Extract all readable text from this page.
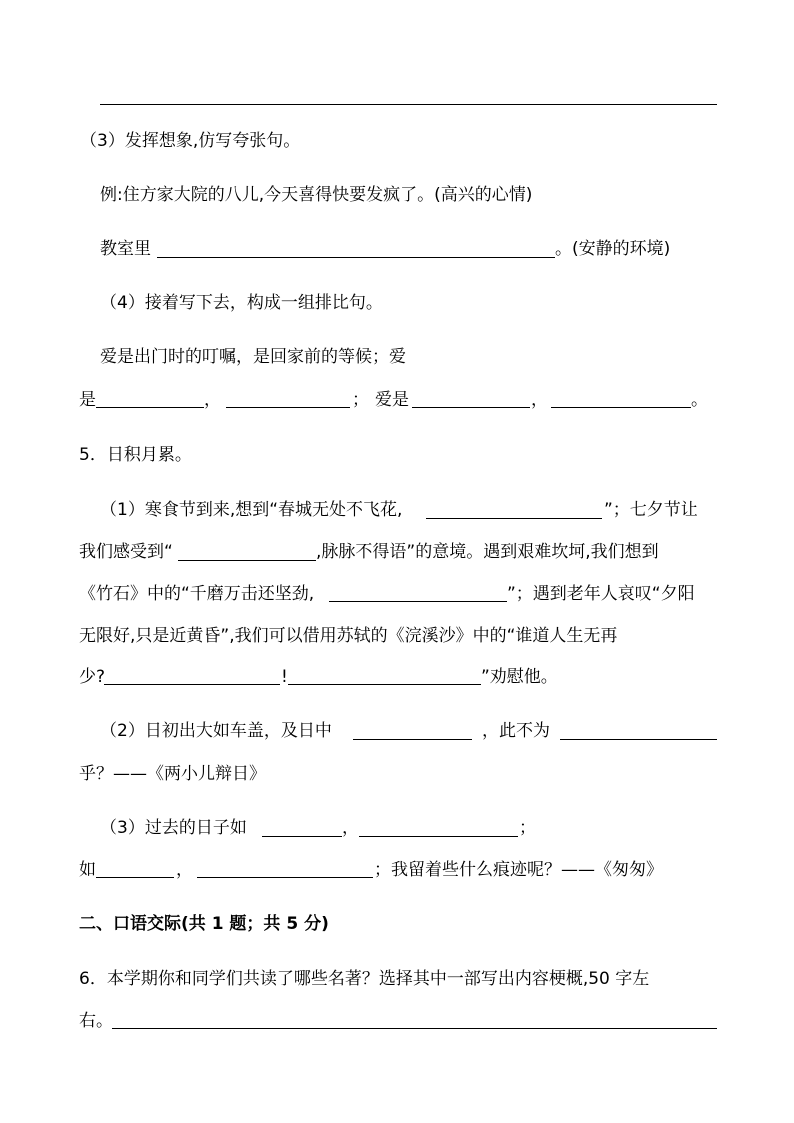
（3）发挥想象,仿写夸张句。
例:住方家大院的八儿,今天喜得快要发疯了。(高兴的心情)
教室里	。(安静的环境)
（4）接着写下去，构成一组排比句。
爱是出门时的叮嘱，是回家前的等候；爱
是	，	； 爱是	，	。
5．日积月累。
（1）寒食节到来,想到“春城无处不飞花,	”；七夕节让
我们感受到“	,脉脉不得语”的意境。遇到艰难坎坷,我们想到
《竹石》中的“千磨万击还坚劲,	”；遇到老年人哀叹“夕阳
无限好,只是近黄昏”,我们可以借用苏轼的《浣溪沙》中的“谁道人生无再
少?	!	”劝慰他。
（2）日初出大如车盖，及日中	，此不为
乎？——《两小儿辩日》
（3）过去的日子如	，	；
如	，	；我留着些什么痕迹呢？——《匆匆》
二、口语交际(共 1 题；共 5 分)
6．本学期你和同学们共读了哪些名著？选择其中一部写出内容梗概,50 字左
右。
